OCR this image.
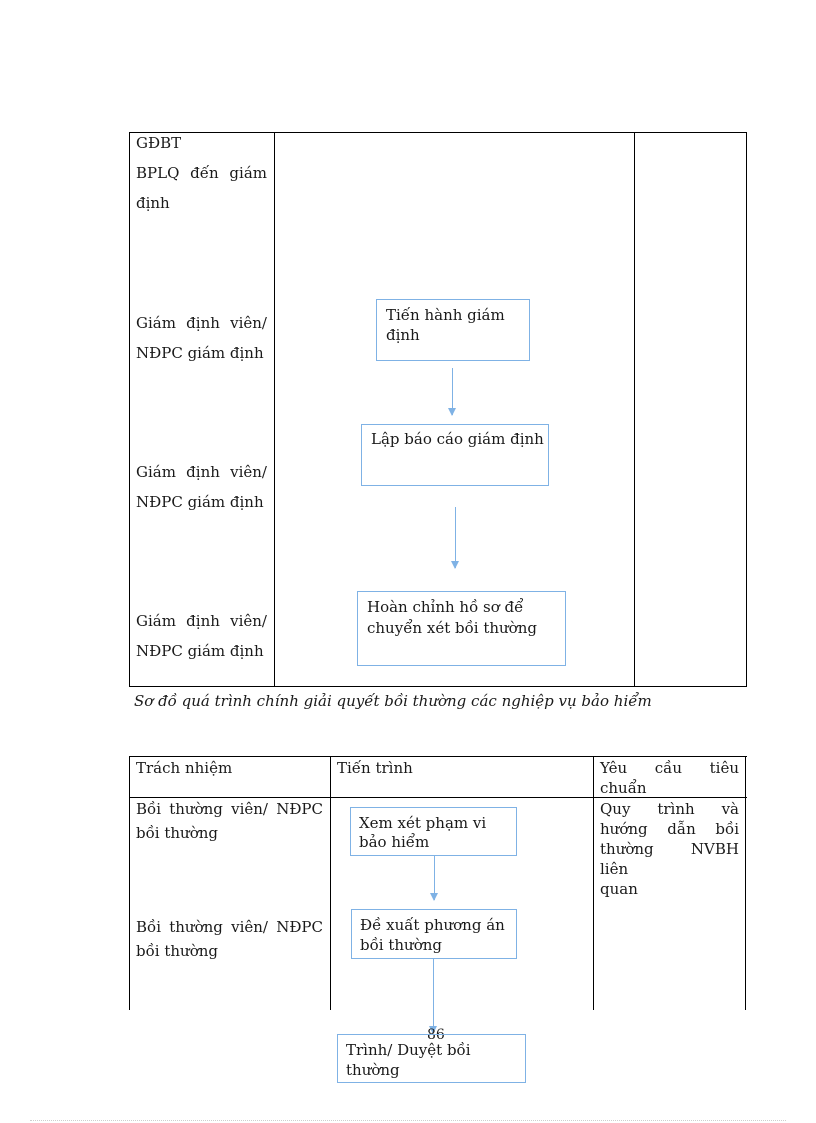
GĐBT
BPLQ đến giám
định
Giám định viên/
NĐPC giám định
Giám định viên/
NĐPC giám định
Giám định viên/
NĐPC giám định
Tiến hành giám
định
Lập báo cáo giám định
Hoàn chỉnh hồ sơ để
chuyển xét bồi thường
Sơ đồ quá trình chính giải quyết bồi thường các nghiệp vụ bảo hiểm
Trách nhiệm	Tiến trình	Yêu cầu tiêu
chuẩn
Bồi thường viên/ NĐPC
bồi thường
Bồi thường viên/ NĐPC
bồi thường
Quy trình và
hướng dẫn bồi
thường NVBH liên
quan
Xem xét phạm vi
bảo hiểm
Đề xuất phương án
bồi thường
86
Trình/ Duyệt bồi
thường
